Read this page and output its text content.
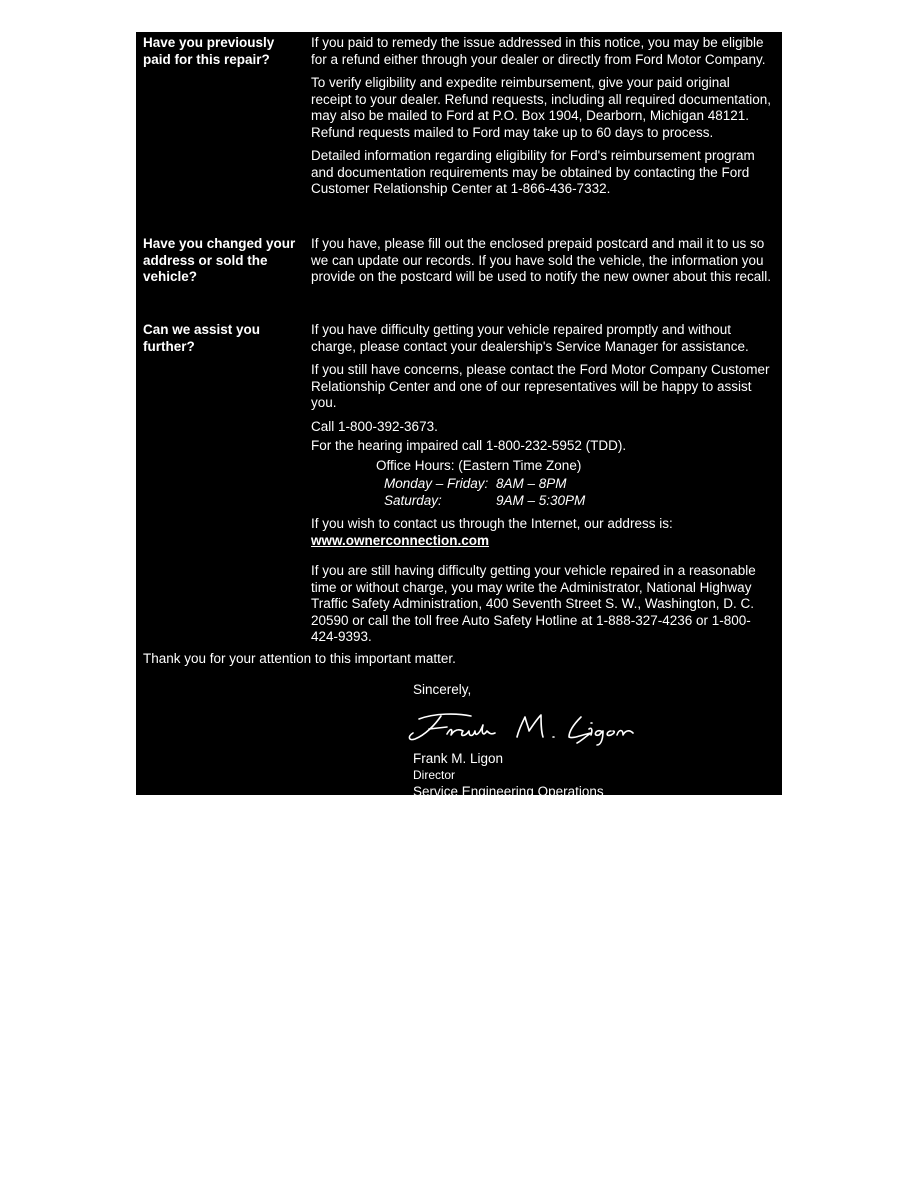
Have you previously paid for this repair?

If you paid to remedy the issue addressed in this notice, you may be eligible for a refund either through your dealer or directly from Ford Motor Company.

To verify eligibility and expedite reimbursement, give your paid original receipt to your dealer. Refund requests, including all required documentation, may also be mailed to Ford at P.O. Box 1904, Dearborn, Michigan 48121. Refund requests mailed to Ford may take up to 60 days to process.

Detailed information regarding eligibility for Ford's reimbursement program and documentation requirements may be obtained by contacting the Ford Customer Relationship Center at 1-866-436-7332.

Have you changed your address or sold the vehicle?

If you have, please fill out the enclosed prepaid postcard and mail it to us so we can update our records. If you have sold the vehicle, the information you provide on the postcard will be used to notify the new owner about this recall.

Can we assist you further?

If you have difficulty getting your vehicle repaired promptly and without charge, please contact your dealership's Service Manager for assistance.

If you still have concerns, please contact the Ford Motor Company Customer Relationship Center and one of our representatives will be happy to assist you.

Call 1-800-392-3673.

For the hearing impaired call 1-800-232-5952 (TDD).

Office Hours: (Eastern Time Zone)
Monday – Friday: 8AM – 8PM
Saturday:	9AM – 5:30PM
If you wish to contact us through the Internet, our address is:

www.ownerconnection.com

If you are still having difficulty getting your vehicle repaired in a reasonable time or without charge, you may write the Administrator, National Highway Traffic Safety Administration, 400 Seventh Street S. W., Washington, D. C. 20590 or call the toll free Auto Safety Hotline at 1-888-327-4236 or 1-800-424-9393.

Thank you for your attention to this important matter.
Sincerely,
Frank M. Ligon
Director
Service Engineering Operations
